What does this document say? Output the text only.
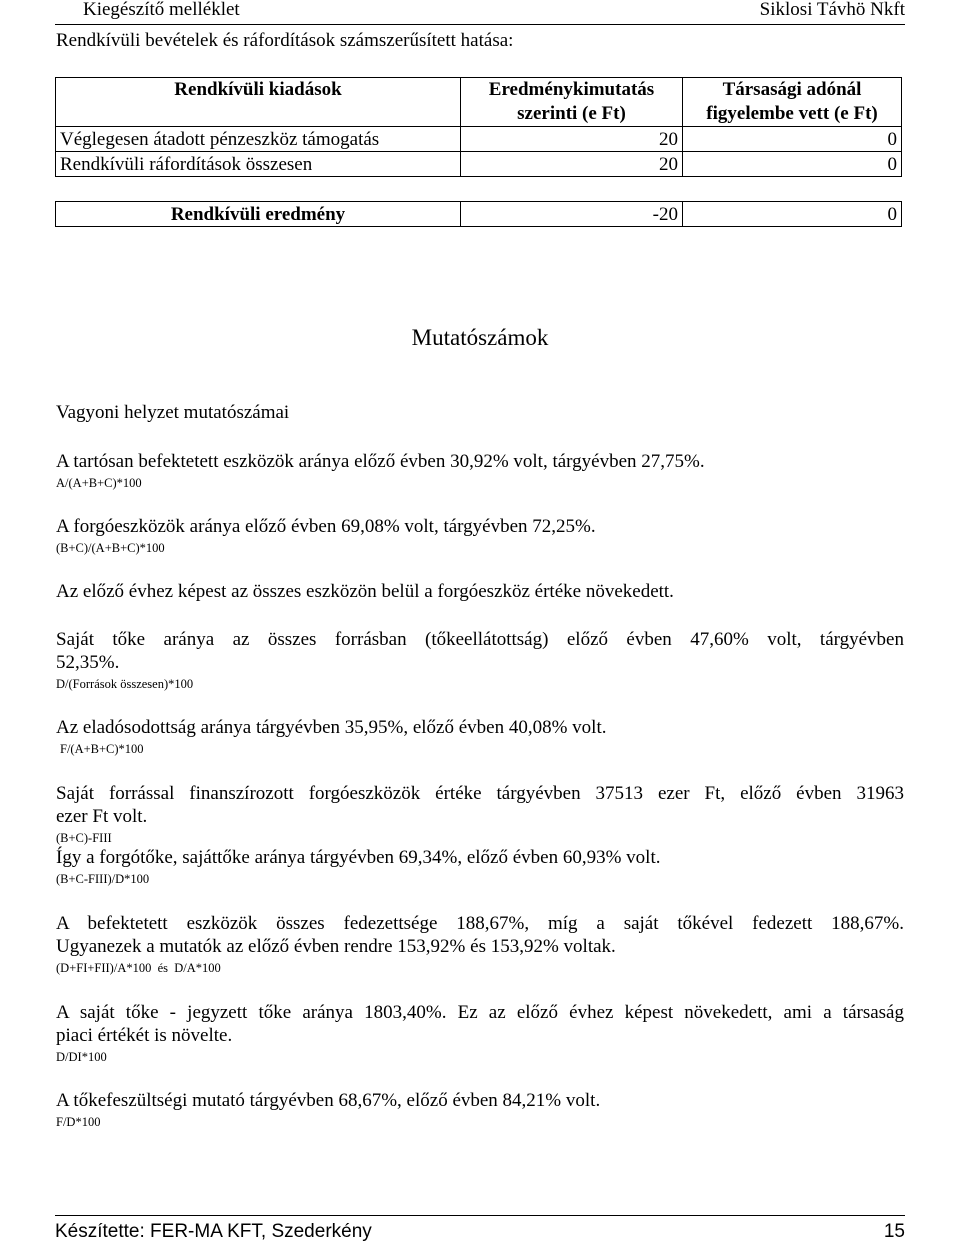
Kiegészítő melléklet	Siklosi Távhö Nkft
Rendkívüli bevételek és ráfordítások számszerűsített hatása:
Rendkívüli kiadások	Eredménykimutatás szerinti (e Ft)	Társasági adónál figyelembe vett (e Ft)
Véglegesen átadott pénzeszköz támogatás	20	0
Rendkívüli ráfordítások összesen	20	0
Rendkívüli eredmény	-20	0
Mutatószámok
Vagyoni helyzet mutatószámai
A tartósan befektetett eszközök aránya előző évben 30,92% volt, tárgyévben 27,75%.
A/(A+B+C)*100
A forgóeszközök aránya előző évben 69,08% volt, tárgyévben 72,25%.
(B+C)/(A+B+C)*100
Az előző évhez képest az összes eszközön belül a forgóeszköz értéke növekedett.
Saját tőke aránya az összes forrásban (tőkeellátottság) előző évben 47,60% volt, tárgyévben
52,35%.
D/(Források összesen)*100
Az eladósodottság aránya tárgyévben 35,95%, előző évben 40,08% volt.
F/(A+B+C)*100
Saját forrással finanszírozott forgóeszközök értéke tárgyévben 37513 ezer Ft, előző évben 31963
ezer Ft volt.
(B+C)-FIII
Így a forgótőke, sajáttőke aránya tárgyévben 69,34%, előző évben 60,93% volt.
(B+C-FIII)/D*100
A befektetett eszközök összes fedezettsége 188,67%, míg a saját tőkével fedezett 188,67%.
Ugyanezek a mutatók az előző évben rendre 153,92% és 153,92% voltak.
(D+FI+FII)/A*100  és  D/A*100
A saját tőke - jegyzett tőke aránya 1803,40%. Ez az előző évhez képest növekedett, ami a társaság
piaci értékét is növelte.
D/DI*100
A tőkefeszültségi mutató tárgyévben 68,67%, előző évben 84,21% volt.
F/D*100
Készítette: FER-MA KFT, Szederkény	15
